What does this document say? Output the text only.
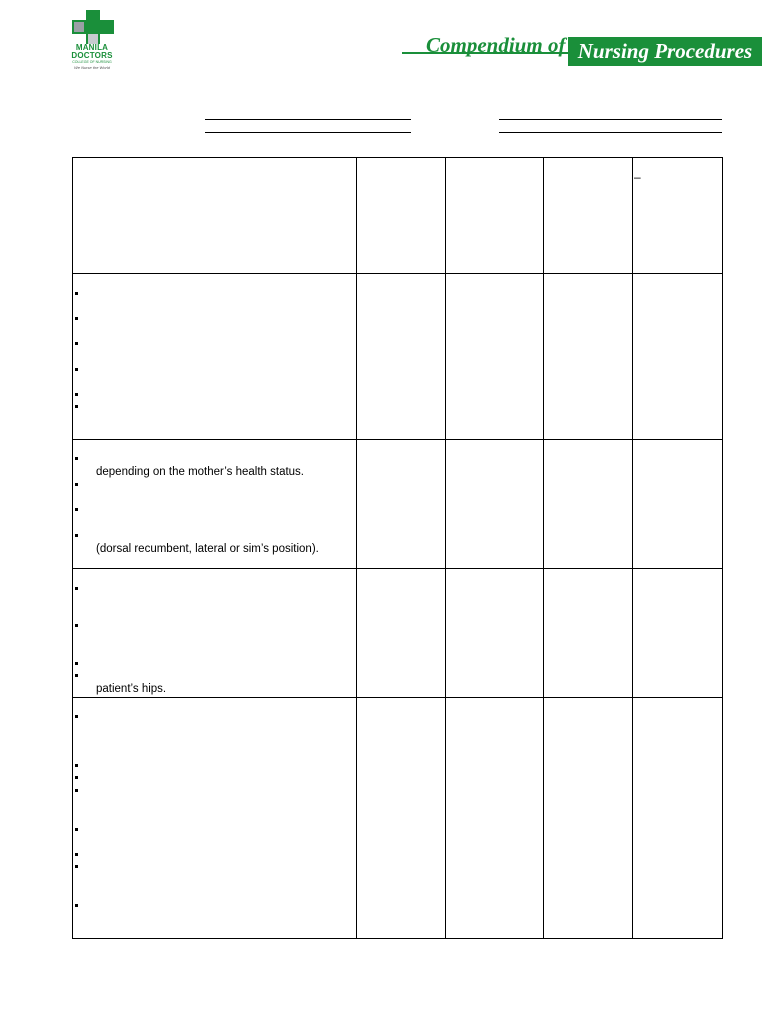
MANILA
DOCTORS
COLLEGE OF NURSING
We Nurse the World
Compendium of Nursing Procedures
–
depending on the mother’s health status.
(dorsal recumbent, lateral or sim’s position).
patient’s hips.
